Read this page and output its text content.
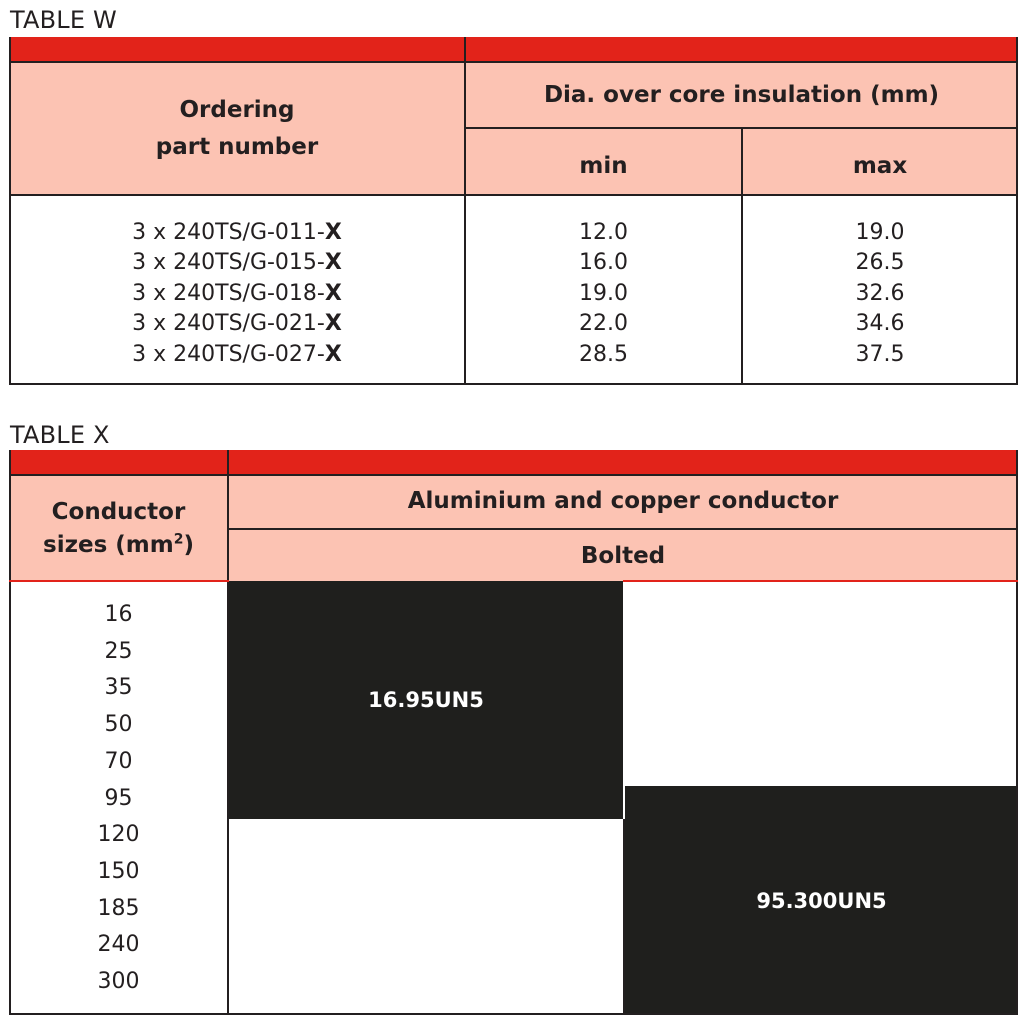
TABLE W
Ordering
part number
Dia. over core insulation (mm)
min	max
3 x 240TS/G-011-X
3 x 240TS/G-015-X
3 x 240TS/G-018-X
3 x 240TS/G-021-X
3 x 240TS/G-027-X
12.0
16.0
19.0
22.0
28.5
19.0
26.5
32.6
34.6
37.5
TABLE X
Conductor
sizes $(mm^2)$
Aluminium and copper conductor
Bolted
16
25
35
50
70
95
120
150
185
240
300
16.95UN5
95.300UN5
